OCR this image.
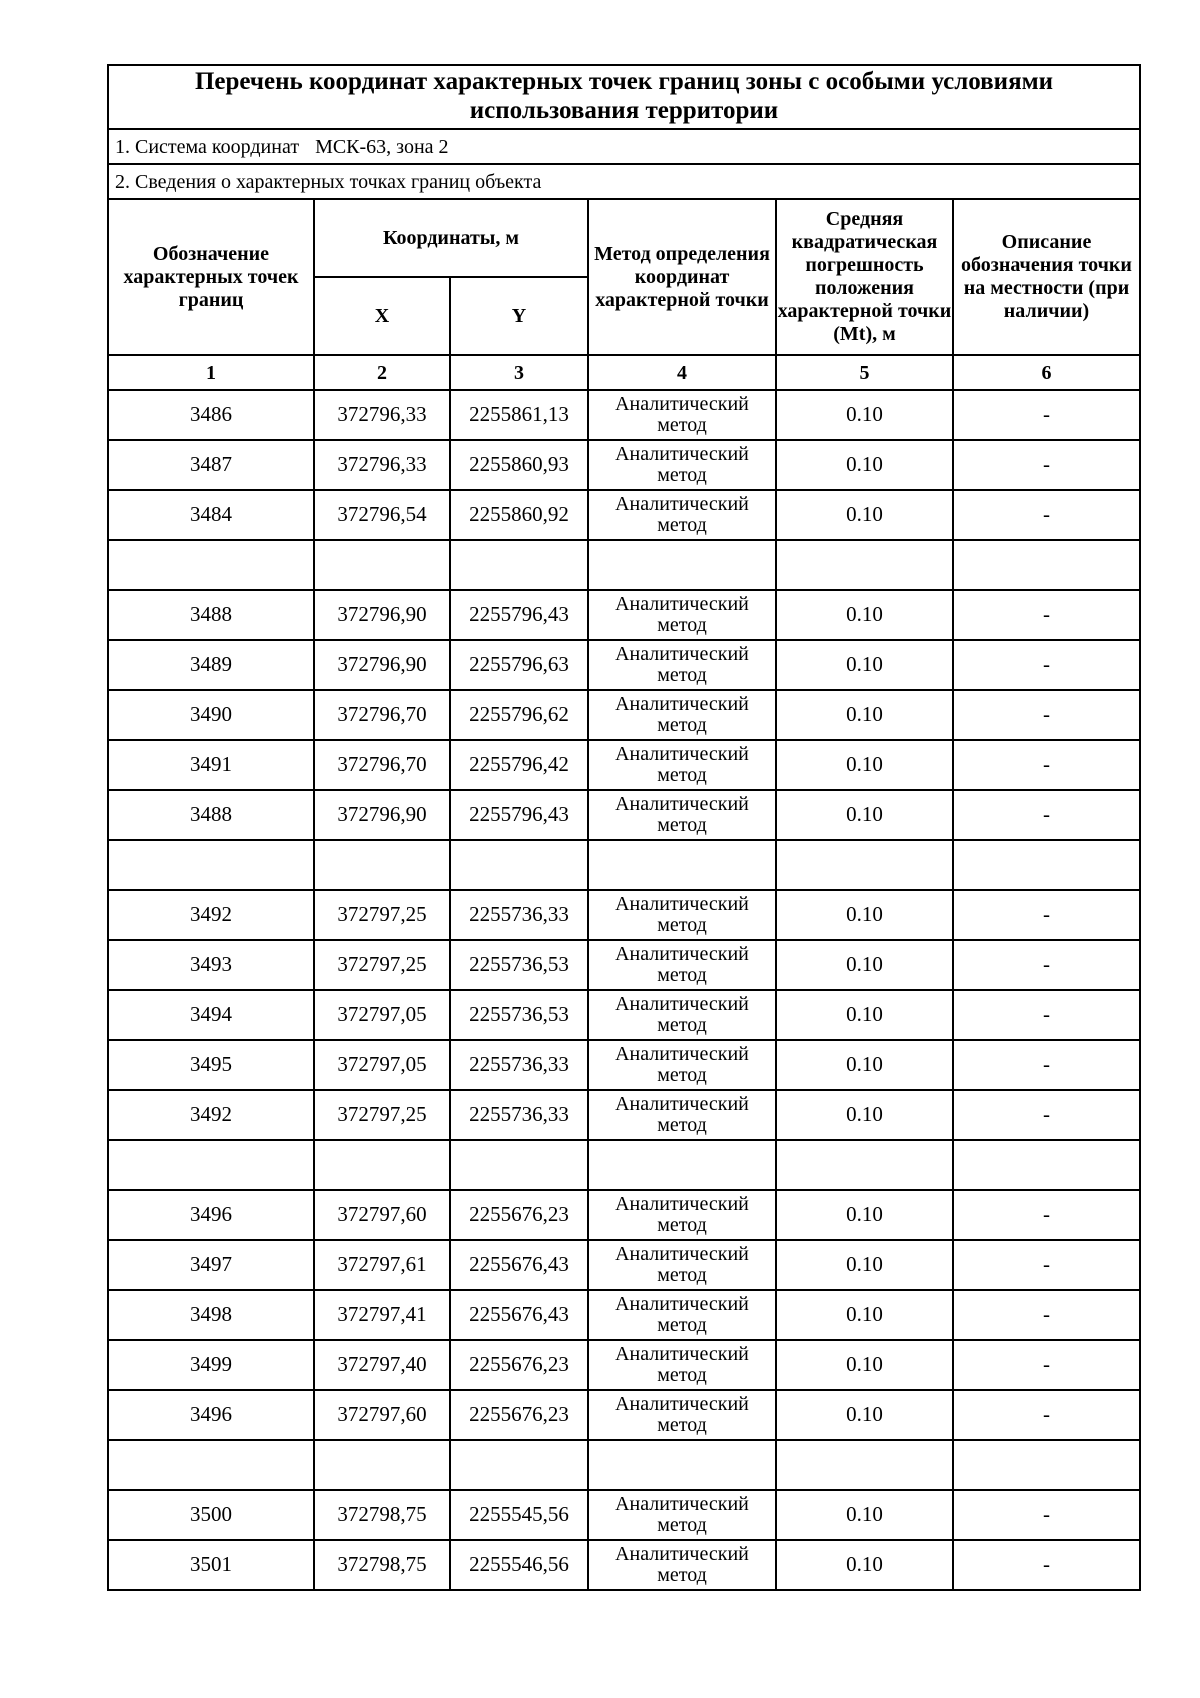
Перечень координат характерных точек границ зоны с особыми условиями использования территории					
1. Система координат МСК-63, зона 2					
2. Сведения о характерных точках границ объекта					
Обозначение характерных точек границ	Координаты, м		Метод определения координат характерной точки	Средняя квадратическая погрешность положения характерной точки (Mt), м	Описание обозначения точки на местности (при наличии)
	X	Y			
1	2	3	4	5	6
3486	372796,33	2255861,13	Аналитический метод	0.10	-
3487	372796,33	2255860,93	Аналитический метод	0.10	-
3484	372796,54	2255860,92	Аналитический метод	0.10	-

3488	372796,90	2255796,43	Аналитический метод	0.10	-
3489	372796,90	2255796,63	Аналитический метод	0.10	-
3490	372796,70	2255796,62	Аналитический метод	0.10	-
3491	372796,70	2255796,42	Аналитический метод	0.10	-
3488	372796,90	2255796,43	Аналитический метод	0.10	-

3492	372797,25	2255736,33	Аналитический метод	0.10	-
3493	372797,25	2255736,53	Аналитический метод	0.10	-
3494	372797,05	2255736,53	Аналитический метод	0.10	-
3495	372797,05	2255736,33	Аналитический метод	0.10	-
3492	372797,25	2255736,33	Аналитический метод	0.10	-

3496	372797,60	2255676,23	Аналитический метод	0.10	-
3497	372797,61	2255676,43	Аналитический метод	0.10	-
3498	372797,41	2255676,43	Аналитический метод	0.10	-
3499	372797,40	2255676,23	Аналитический метод	0.10	-
3496	372797,60	2255676,23	Аналитический метод	0.10	-

3500	372798,75	2255545,56	Аналитический метод	0.10	-
3501	372798,75	2255546,56	Аналитический метод	0.10	-
